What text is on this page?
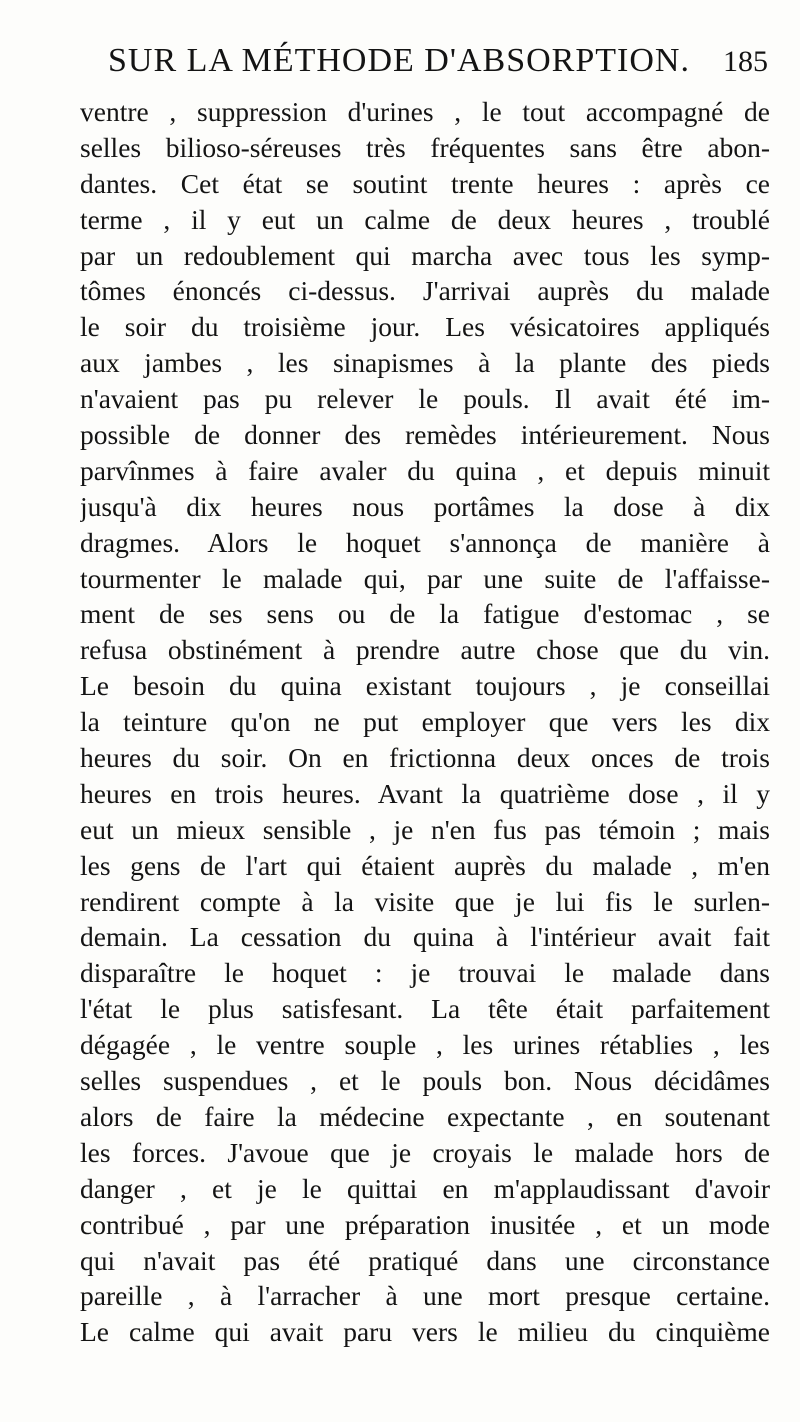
SUR LA MÉTHODE D'ABSORPTION. 185
ventre , suppression d'urines , le tout accompagné de
selles bilioso-séreuses très fréquentes sans être abon-
dantes. Cet état se soutint trente heures : après ce
terme , il y eut un calme de deux heures , troublé
par un redoublement qui marcha avec tous les symp-
tômes énoncés ci-dessus. J'arrivai auprès du malade
le soir du troisième jour. Les vésicatoires appliqués
aux jambes , les sinapismes à la plante des pieds
n'avaient pas pu relever le pouls. Il avait été im-
possible de donner des remèdes intérieurement. Nous
parvînmes à faire avaler du quina , et depuis minuit
jusqu'à dix heures nous portâmes la dose à dix
dragmes. Alors le hoquet s'annonça de manière à
tourmenter le malade qui, par une suite de l'affaisse-
ment de ses sens ou de la fatigue d'estomac , se
refusa obstinément à prendre autre chose que du vin.
Le besoin du quina existant toujours , je conseillai
la teinture qu'on ne put employer que vers les dix
heures du soir. On en frictionna deux onces de trois
heures en trois heures. Avant la quatrième dose , il y
eut un mieux sensible , je n'en fus pas témoin ; mais
les gens de l'art qui étaient auprès du malade , m'en
rendirent compte à la visite que je lui fis le surlen-
demain. La cessation du quina à l'intérieur avait fait
disparaître le hoquet : je trouvai le malade dans
l'état le plus satisfesant. La tête était parfaitement
dégagée , le ventre souple , les urines rétablies , les
selles suspendues , et le pouls bon. Nous décidâmes
alors de faire la médecine expectante , en soutenant
les forces. J'avoue que je croyais le malade hors de
danger , et je le quittai en m'applaudissant d'avoir
contribué , par une préparation inusitée , et un mode
qui n'avait pas été pratiqué dans une circonstance
pareille , à l'arracher à une mort presque certaine.
Le calme qui avait paru vers le milieu du cinquième
